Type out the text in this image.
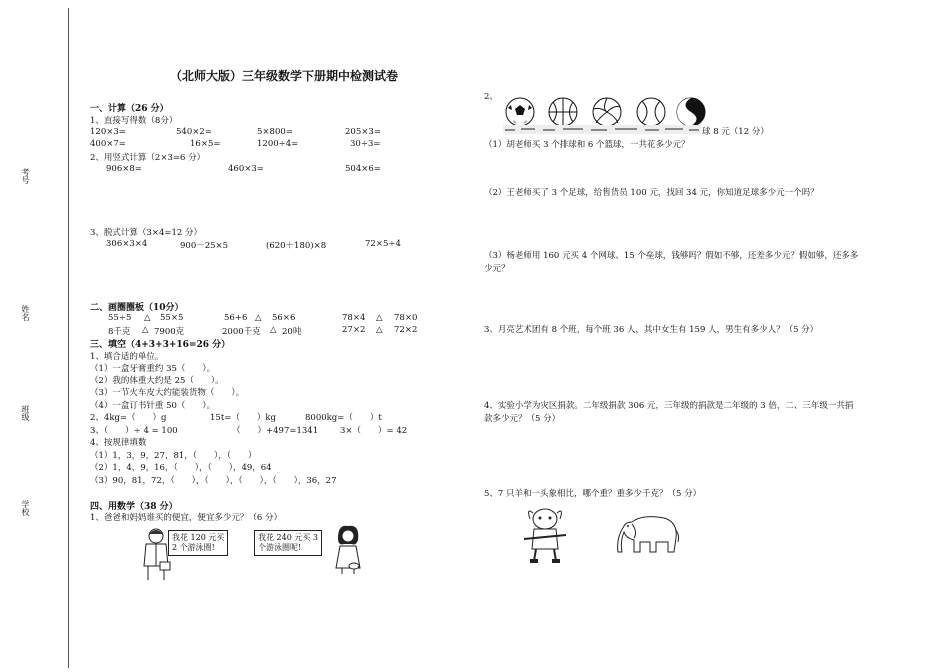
考号
姓名
班级
学校
（北师大版）三年级数学下册期中检测试卷
一、计算（26 分）
1、直接写得数（8分）
120×3=	540×2=	5×800=	205×3=
400×7=	16×5=	1200÷4=	30÷3=
2、用竖式计算（2×3=6 分）
906×8=	460×3=	504×6=
3、脱式计算（3×4=12 分）
306×3×4	900－25×5	(620＋180)×8	72×5÷4
二、画圈圈板（10分）
55÷5 △ 55×5	56+6 △ 56×6	78×4 △ 78×0
8千克 △ 7900克	2000千克 △ 20吨	27×2 △ 72×2
三、填空（4+3+3+16=26 分）
1、填合适的单位。
（1）一盒牙膏重约 35（　　）。
（2）我的体重大约是 25（　　）。
（3）一节火车皮大约能装货物（　　）。
（4）一盒订书针重 50（　　）。
2、4kg=（　　）g	15t=（　　）kg	8000kg=（　　）t
3、（　　）÷ 4 = 100	（　　）+497=1341	3×（　　）= 42
4、按规律填数
（1）1，3，9，27，81，（　　），（　　）
（2）1，4，9，16，（　　），（　　），49，64
（3）90，81，72，（　　），（　　），（　　），（　　），36，27
四、用数学（38 分）
1、爸爸和妈妈谁买的便宜，便宜多少元？（6 分）
我花 120 元买
2 个游泳圈!
我花 240 元买 3
个游泳圈呢!
2、
球 8 元（12 分）
（1）胡老师买 3 个排球和 6 个篮球，一共花多少元？
（2）王老师买了 3 个足球，给售货员 100 元，找回 34 元，你知道足球多少元一个吗？
（3）杨老师用 160 元买 4 个网球、15 个垒球，钱够吗？假如不够，还差多少元？假如够，还多多
少元？
3、月亮艺术团有 8 个班，每个班 36 人，其中女生有 159 人，男生有多少人？（5 分）
4、实验小学为灾区捐款。二年级捐款 306 元，三年级的捐款是二年级的 3 倍，二、三年级一共捐
款多少元？（5 分）
5、7 只羊和一头象相比，哪个重？重多少千克？（5 分）
